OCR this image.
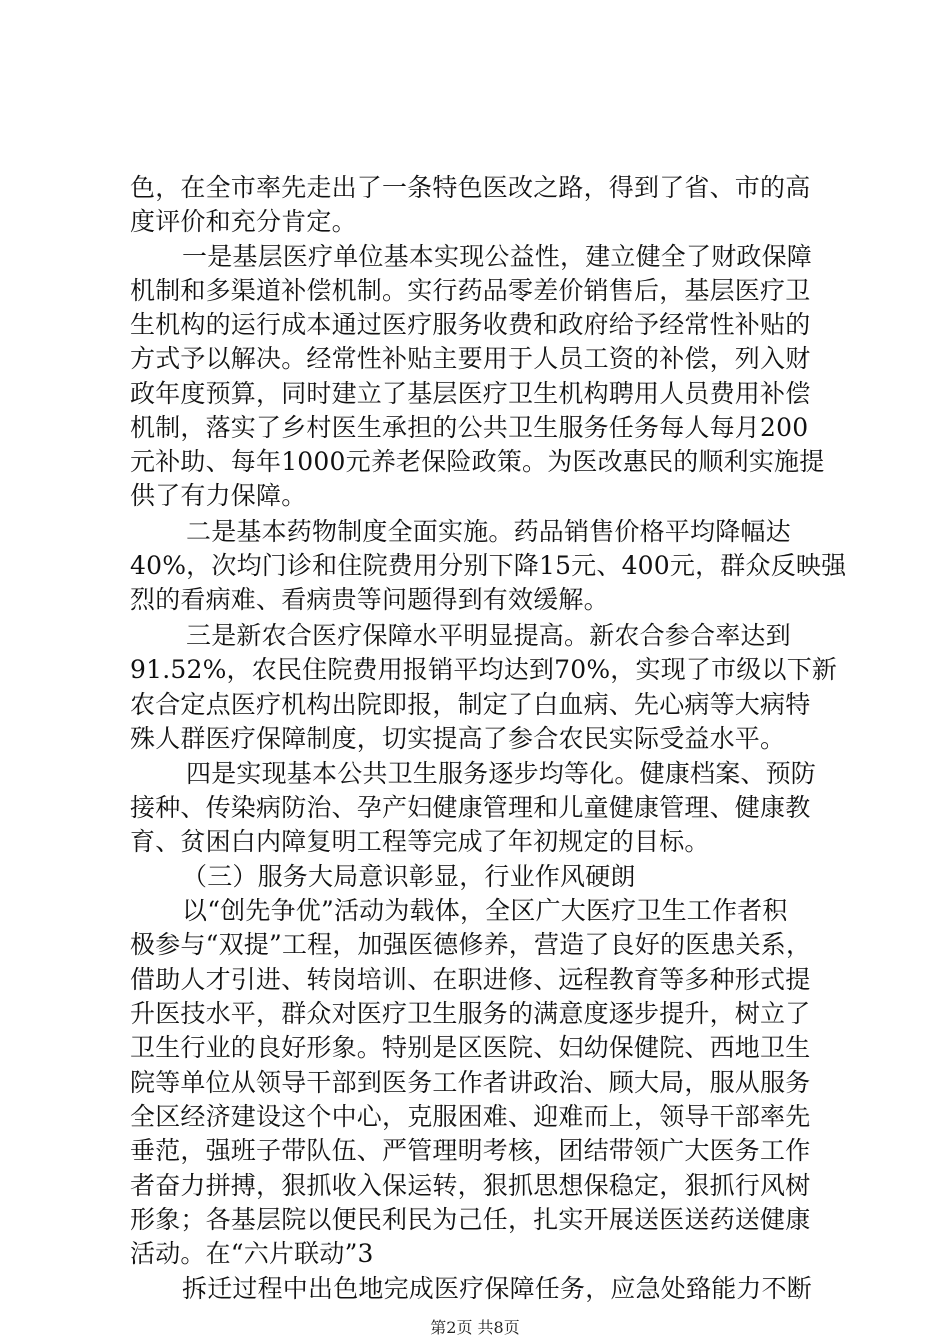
色，在全市率先走出了一条特色医改之路，得到了省、市的高
度评价和充分肯定。
一是基层医疗单位基本实现公益性，建立健全了财政保障
机制和多渠道补偿机制。实行药品零差价销售后，基层医疗卫
生机构的运行成本通过医疗服务收费和政府给予经常性补贴的
方式予以解决。经常性补贴主要用于人员工资的补偿，列入财
政年度预算，同时建立了基层医疗卫生机构聘用人员费用补偿
机制，落实了乡村医生承担的公共卫生服务任务每人每月200
元补助、每年1000元养老保险政策。为医改惠民的顺利实施提
供了有力保障。
二是基本药物制度全面实施。药品销售价格平均降幅达
40%，次均门诊和住院费用分别下降15元、400元，群众反映强
烈的看病难、看病贵等问题得到有效缓解。
三是新农合医疗保障水平明显提高。新农合参合率达到
91.52%，农民住院费用报销平均达到70%，实现了市级以下新
农合定点医疗机构出院即报，制定了白血病、先心病等大病特
殊人群医疗保障制度，切实提高了参合农民实际受益水平。
四是实现基本公共卫生服务逐步均等化。健康档案、预防
接种、传染病防治、孕产妇健康管理和儿童健康管理、健康教
育、贫困白内障复明工程等完成了年初规定的目标。
（三）服务大局意识彰显，行业作风硬朗
以“创先争优”活动为载体，全区广大医疗卫生工作者积
极参与“双提”工程，加强医德修养，营造了良好的医患关系，
借助人才引进、转岗培训、在职进修、远程教育等多种形式提
升医技水平，群众对医疗卫生服务的满意度逐步提升，树立了
卫生行业的良好形象。特别是区医院、妇幼保健院、西地卫生
院等单位从领导干部到医务工作者讲政治、顾大局，服从服务
全区经济建设这个中心，克服困难、迎难而上，领导干部率先
垂范，强班子带队伍、严管理明考核，团结带领广大医务工作
者奋力拼搏，狠抓收入保运转，狠抓思想保稳定，狠抓行风树
形象；各基层院以便民利民为己任，扎实开展送医送药送健康
活动。在“六片联动”3
拆迁过程中出色地完成医疗保障任务，应急处臵能力不断
第2页 共8页
